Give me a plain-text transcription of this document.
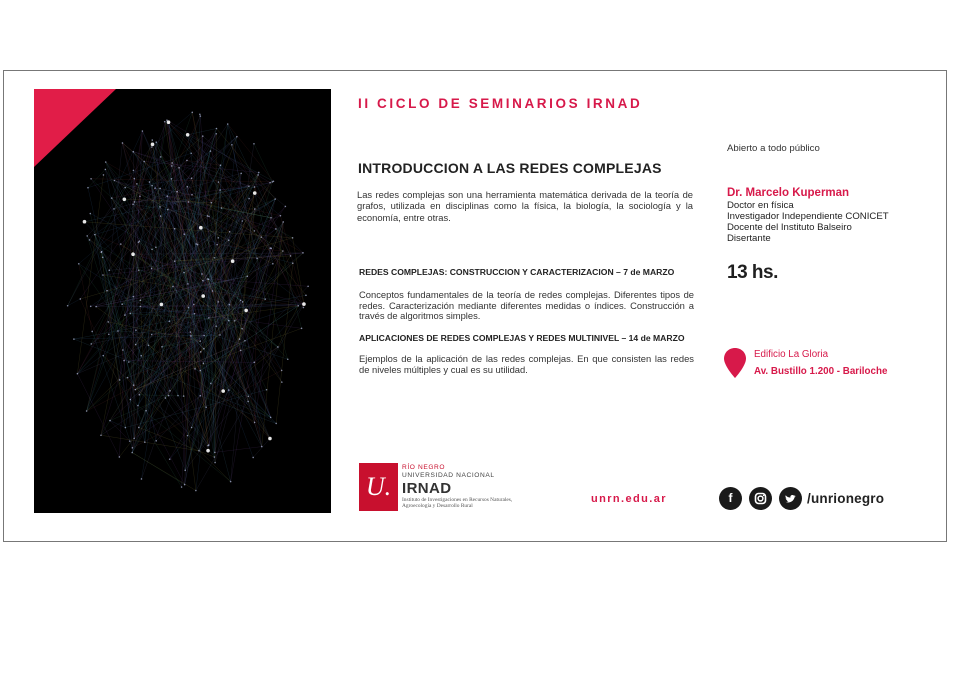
II CICLO DE SEMINARIOS IRNAD
INTRODUCCION A LAS REDES COMPLEJAS
Las redes complejas son una herramienta matemática derivada de la teoría de grafos, utilizada en disciplinas como la física, la biología, la sociología y la economía, entre otras.
REDES COMPLEJAS: CONSTRUCCION Y CARACTERIZACION – 7 de MARZO
Conceptos fundamentales de la teoría de redes complejas. Diferentes tipos de redes. Caracterización mediante diferentes medidas o índices. Construcción a través de algoritmos simples.
APLICACIONES DE REDES COMPLEJAS Y REDES MULTINIVEL – 14 de MARZO
Ejemplos de la aplicación de las redes complejas. En que consisten las redes de niveles múltiples y cual es su utilidad.
Abierto a todo público
Dr. Marcelo Kuperman
Doctor en física
Investigador Independiente CONICET
Docente del Instituto Balseiro
Disertante
13 hs.
Edificio La Gloria
Av. Bustillo 1.200 - Bariloche
U.
RÍO NEGRO
UNIVERSIDAD NACIONAL
IRNAD
Instituto de Investigaciones en Recursos Naturales, Agroecología y Desarrollo Rural
unrn.edu.ar	f	/unrionegro
